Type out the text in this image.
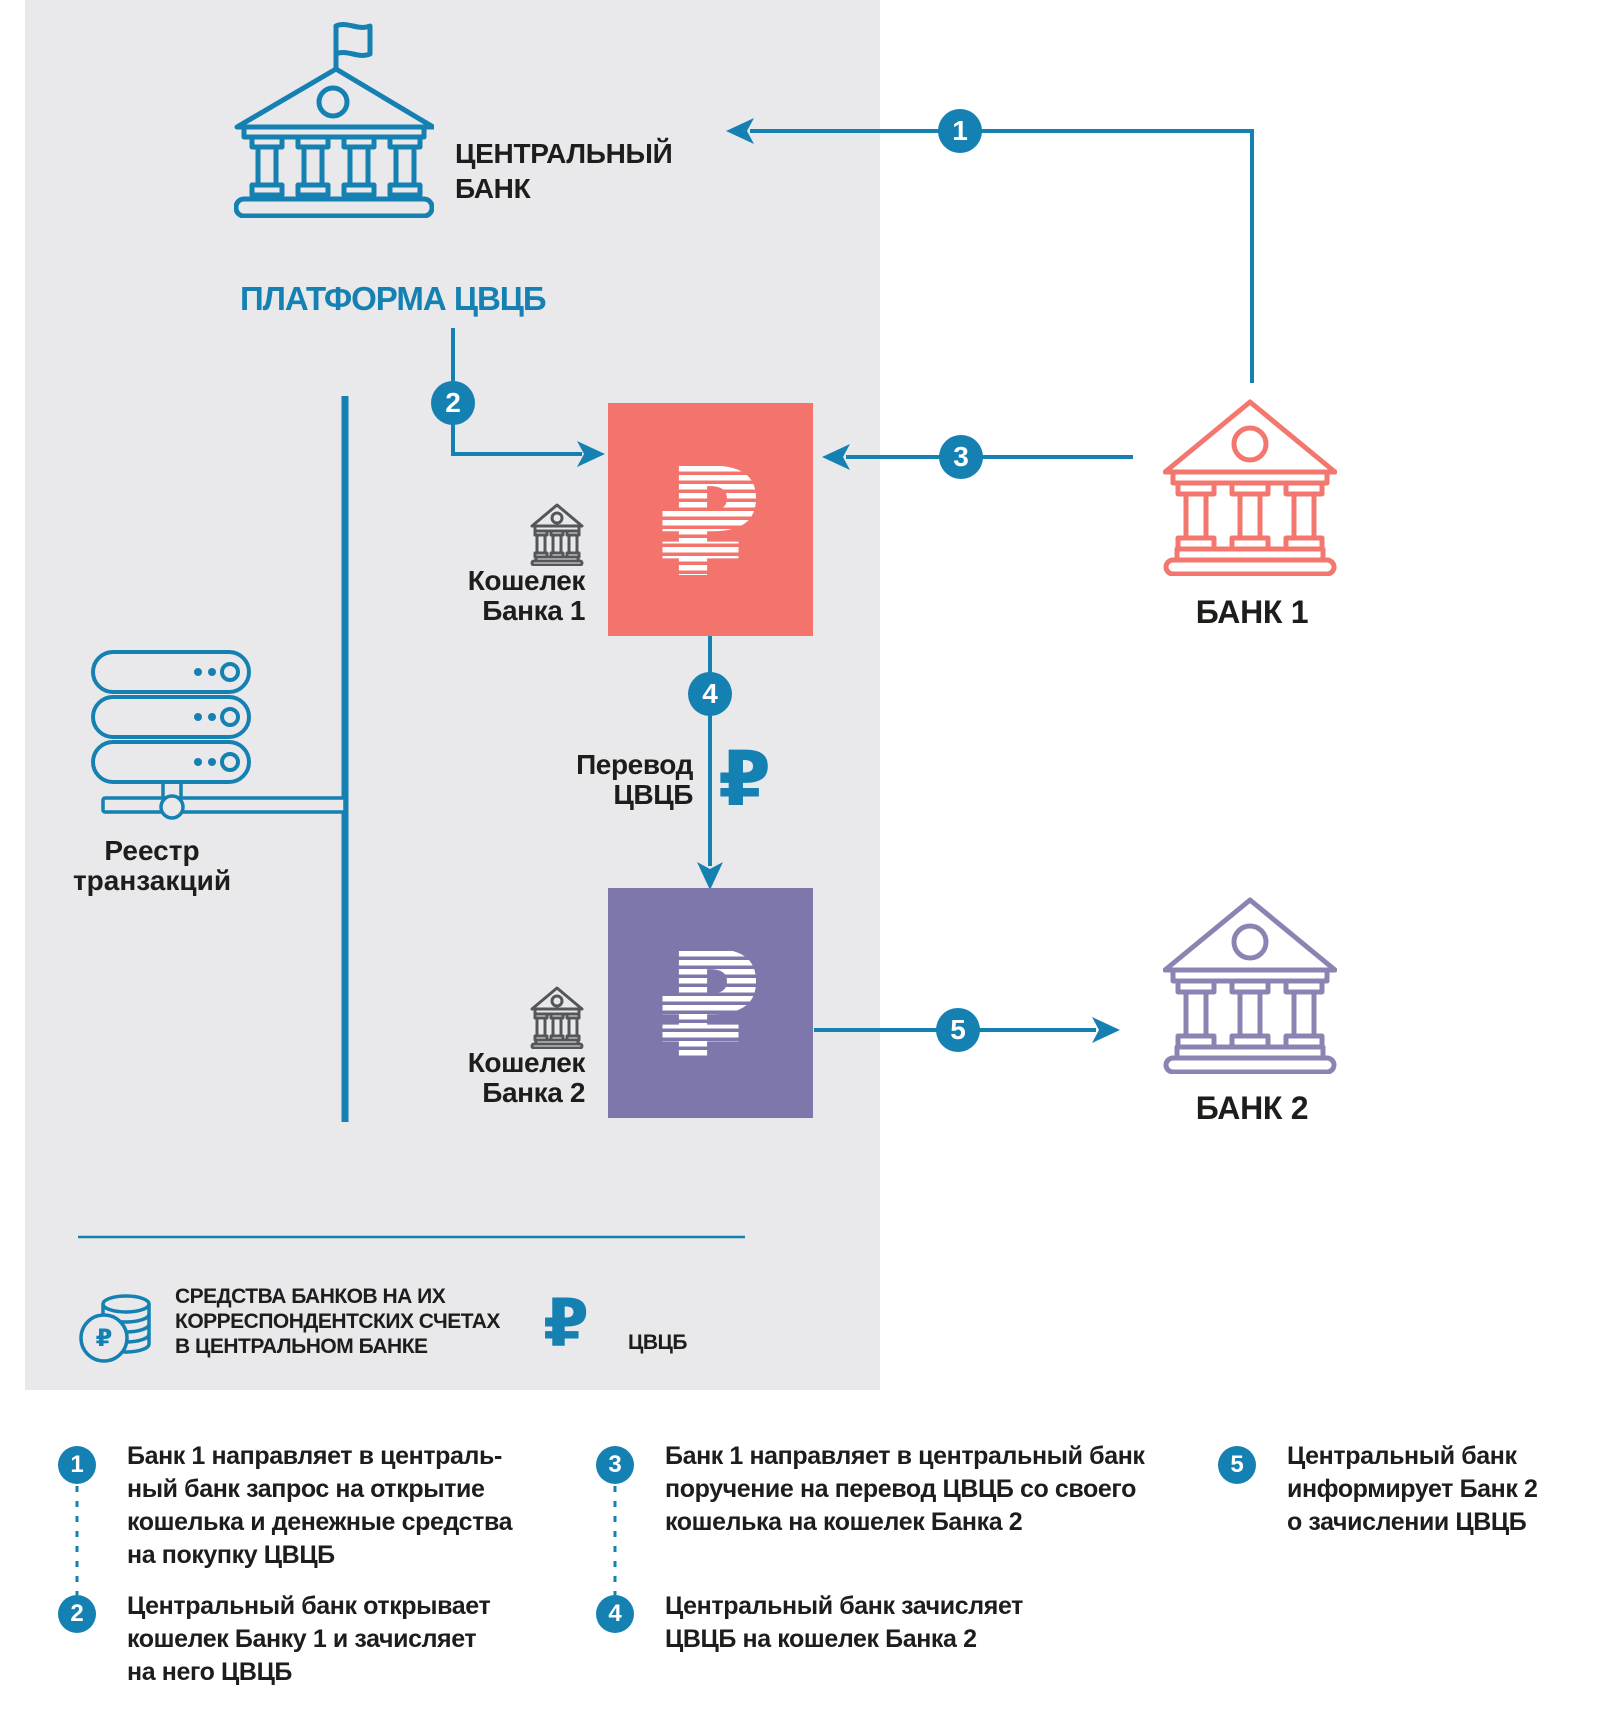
ЦЕНТРАЛЬНЫЙ
БАНК
ПЛАТФОРМА ЦВЦБ
₽
Кошелек
Банка 1
Перевод
ЦВЦБ ₽
₽
Кошелек
Банка 2
БАНК 1
БАНК 2
Реестр
транзакций
₽
СРЕДСТВА БАНКОВ НА ИХ
КОРРЕСПОНДЕНТСКИХ СЧЕТАХ
В ЦЕНТРАЛЬНОМ БАНКЕ	₽ ЦВЦБ
1
2
3
4
5
1	Банк 1 направляет в централь-
ный банк запрос на открытие
кошелька и денежные средства
на покупку ЦВЦБ
2	Центральный банк открывает
кошелек Банку 1 и зачисляет
на него ЦВЦБ
3	Банк 1 направляет в центральный банк
поручение на перевод ЦВЦБ со своего
кошелька на кошелек Банка 2
4	Центральный банк зачисляет
ЦВЦБ на кошелек Банка 2
5	Центральный банк
информирует Банк 2
о зачислении ЦВЦБ
